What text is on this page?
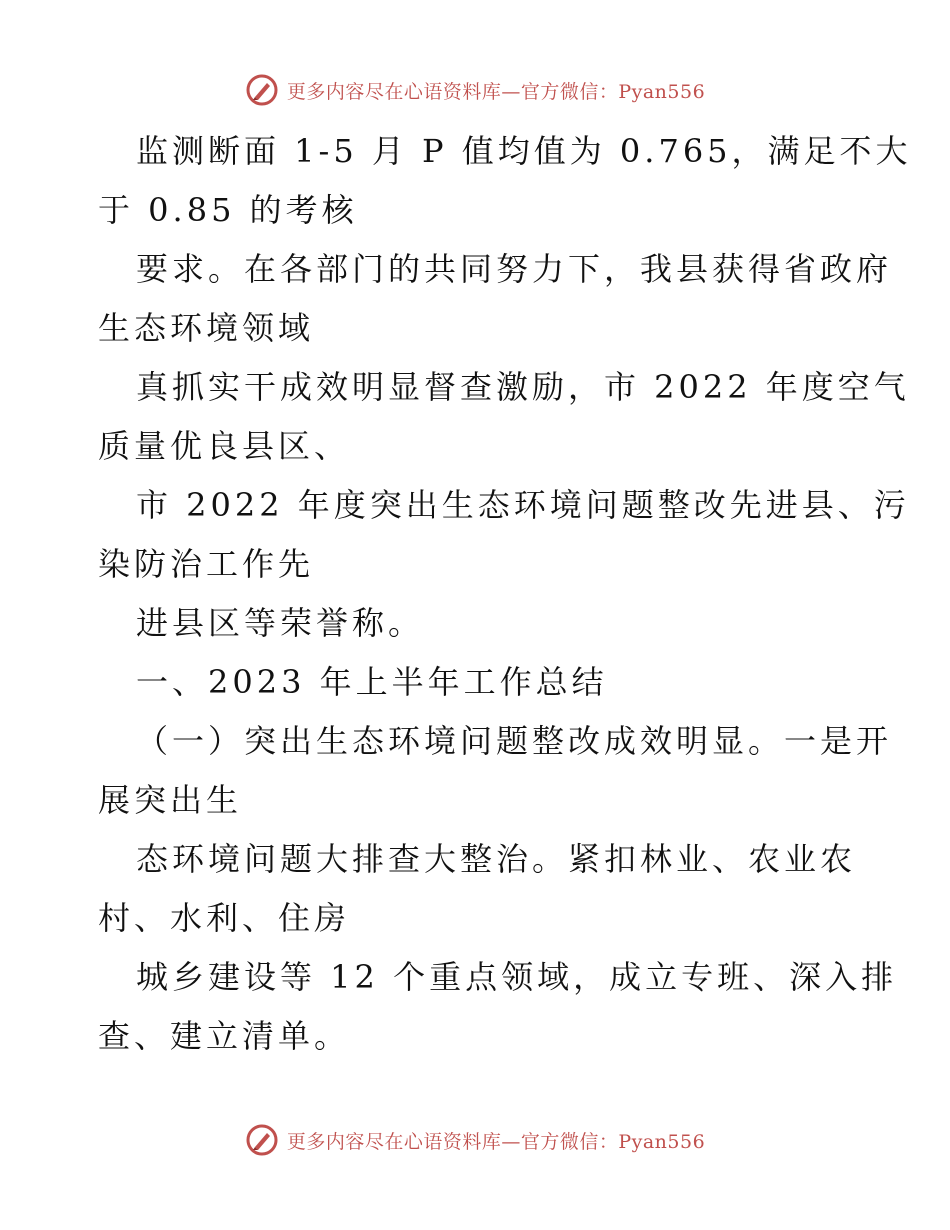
更多内容尽在心语资料库—官方微信：Pyan556
监测断面 1-5 月 P 值均值为 0.765，满足不大
于 0.85 的考核
要求。在各部门的共同努力下，我县获得省政府
生态环境领域
真抓实干成效明显督查激励，市 2022 年度空气
质量优良县区、
市 2022 年度突出生态环境问题整改先进县、污
染防治工作先
进县区等荣誉称。
一、2023 年上半年工作总结
（一）突出生态环境问题整改成效明显。一是开
展突出生
态环境问题大排查大整治。紧扣林业、农业农
村、水利、住房
城乡建设等 12 个重点领域，成立专班、深入排
查、建立清单。
更多内容尽在心语资料库—官方微信：Pyan556
